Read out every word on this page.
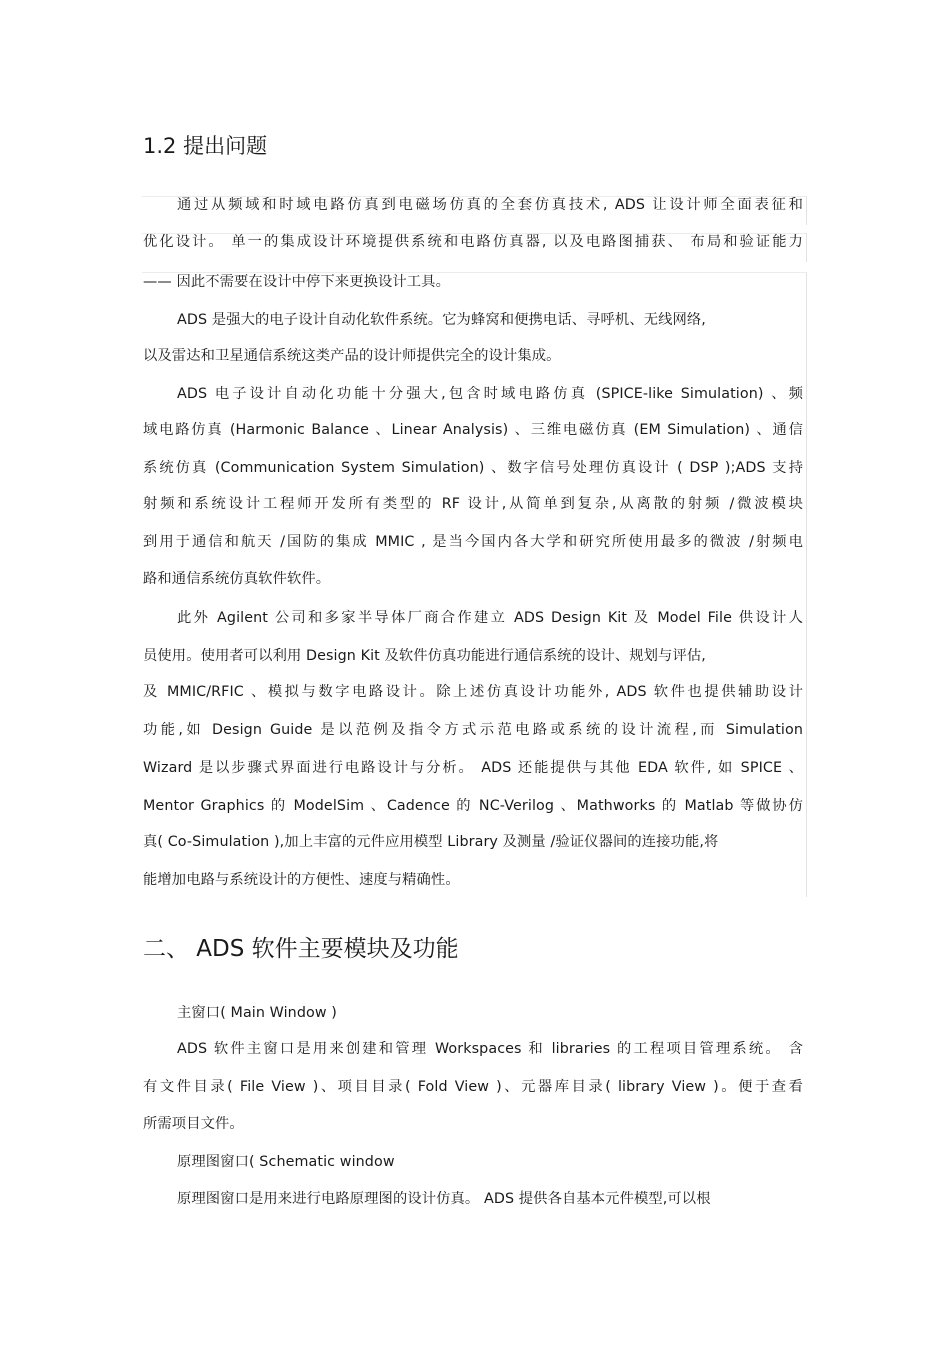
1.2 提出问题
通过从频域和时域电路仿真到电磁场仿真的全套仿真技术, ADS 让设计师全面表征和
优化设计。 单一的集成设计环境提供系统和电路仿真器, 以及电路图捕获、 布局和验证能力
—— 因此不需要在设计中停下来更换设计工具。
ADS 是强大的电子设计自动化软件系统。它为蜂窝和便携电话、寻呼机、无线网络,
以及雷达和卫星通信系统这类产品的设计师提供完全的设计集成。
ADS 电子设计自动化功能十分强大,包含时域电路仿真 (SPICE-like Simulation) 、频
域电路仿真 (Harmonic Balance 、Linear Analysis) 、三维电磁仿真 (EM Simulation) 、通信
系统仿真 (Communication System Simulation) 、数字信号处理仿真设计 ( DSP );ADS 支持
射频和系统设计工程师开发所有类型的 RF 设计,从简单到复杂,从离散的射频 /微波模块
到用于通信和航天 /国防的集成 MMIC , 是当今国内各大学和研究所使用最多的微波 /射频电
路和通信系统仿真软件软件。
此外 Agilent 公司和多家半导体厂商合作建立 ADS Design Kit 及 Model File 供设计人
员使用。使用者可以利用 Design Kit 及软件仿真功能进行通信系统的设计、规划与评估,
及 MMIC/RFIC 、模拟与数字电路设计。除上述仿真设计功能外, ADS 软件也提供辅助设计
功能,如 Design Guide 是以范例及指令方式示范电路或系统的设计流程,而 Simulation
Wizard 是以步骤式界面进行电路设计与分析。 ADS 还能提供与其他 EDA 软件, 如 SPICE 、
Mentor Graphics 的 ModelSim 、Cadence 的 NC-Verilog 、Mathworks 的 Matlab 等做协仿
真( Co-Simulation ),加上丰富的元件应用模型 Library 及测量 /验证仪器间的连接功能,将
能增加电路与系统设计的方便性、速度与精确性。
二、 ADS 软件主要模块及功能
主窗口( Main Window )
ADS 软件主窗口是用来创建和管理 Workspaces 和 libraries 的工程项目管理系统。 含
有文件目录( File View )、项目目录( Fold View )、元器库目录( library View )。便于查看
所需项目文件。
原理图窗口( Schematic window
原理图窗口是用来进行电路原理图的设计仿真。 ADS 提供各自基本元件模型,可以根
